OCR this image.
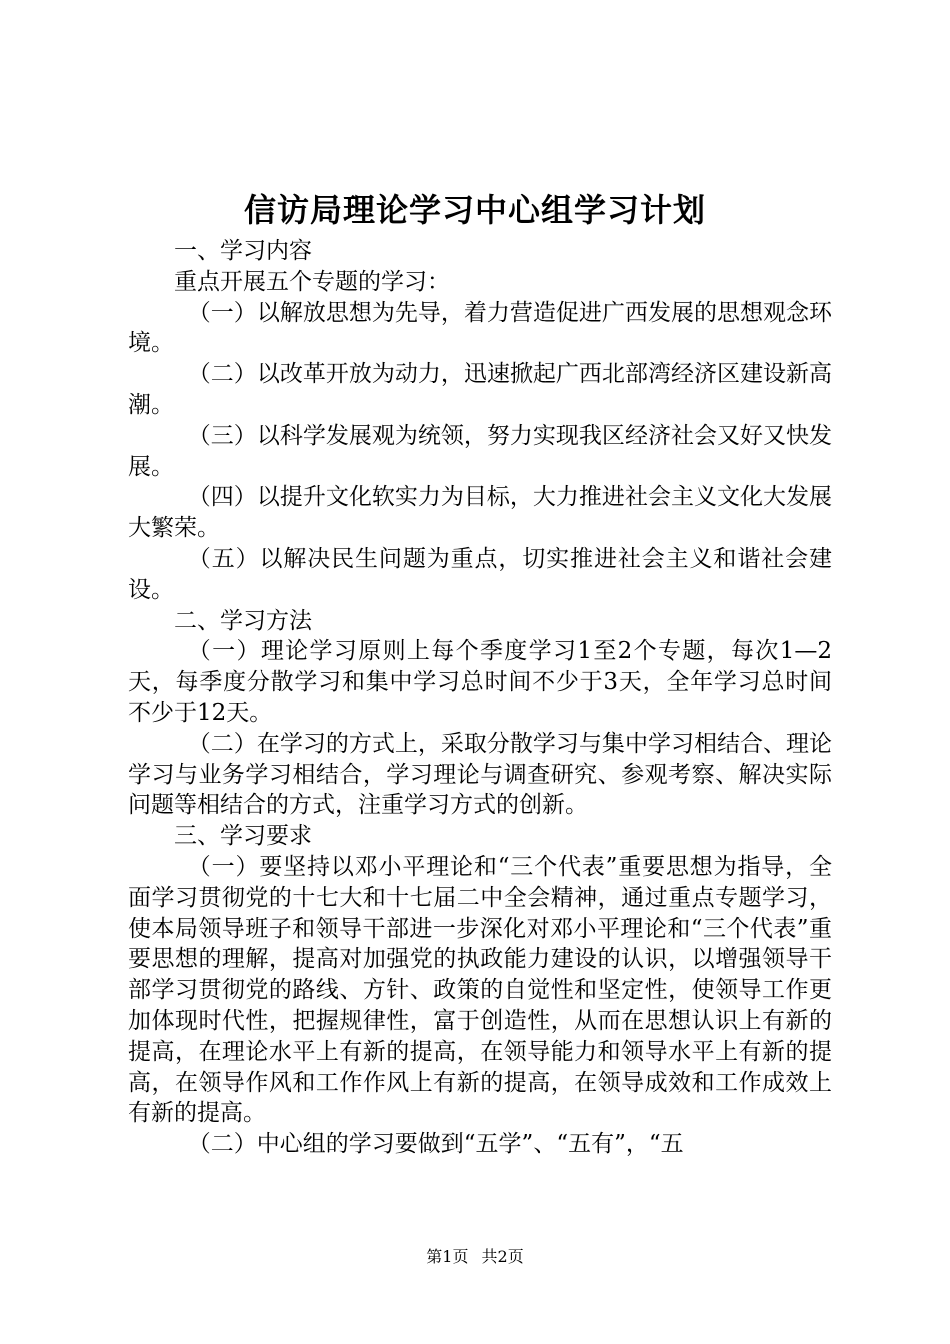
信访局理论学习中心组学习计划

一、学习内容

重点开展五个专题的学习：

（一）以解放思想为先导，着力营造促进广西发展的思想观念环境。

（二）以改革开放为动力，迅速掀起广西北部湾经济区建设新高潮。

（三）以科学发展观为统领，努力实现我区经济社会又好又快发展。

（四）以提升文化软实力为目标，大力推进社会主义文化大发展大繁荣。

（五）以解决民生问题为重点，切实推进社会主义和谐社会建设。

二、学习方法

（一）理论学习原则上每个季度学习1至2个专题，每次1—2天，每季度分散学习和集中学习总时间不少于3天，全年学习总时间不少于12天。

（二）在学习的方式上，采取分散学习与集中学习相结合、理论学习与业务学习相结合，学习理论与调查研究、参观考察、解决实际问题等相结合的方式，注重学习方式的创新。

三、学习要求

（一）要坚持以邓小平理论和“三个代表”重要思想为指导，全面学习贯彻党的十七大和十七届二中全会精神，通过重点专题学习，使本局领导班子和领导干部进一步深化对邓小平理论和“三个代表”重要思想的理解，提高对加强党的执政能力建设的认识，以增强领导干部学习贯彻党的路线、方针、政策的自觉性和坚定性，使领导工作更加体现时代性，把握规律性，富于创造性，从而在思想认识上有新的提高，在理论水平上有新的提高，在领导能力和领导水平上有新的提高，在领导作风和工作作风上有新的提高，在领导成效和工作成效上有新的提高。

（二）中心组的学习要做到“五学”、“五有”，“五

第1页 共2页
